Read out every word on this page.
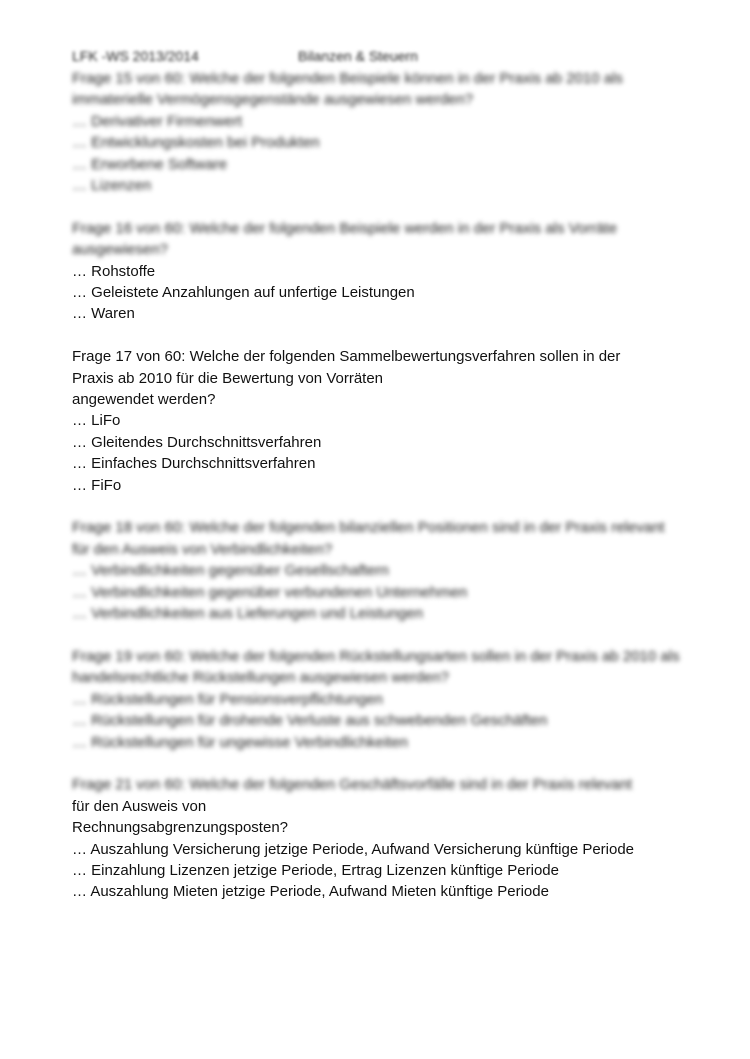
LFK -WS 2013/2014	Bilanzen & Steuern

Frage 15 von 60: Welche der folgenden Beispiele können in der Praxis ab 2010 als immaterielle Vermögensgegenstände ausgewiesen werden?

… Derivativer Firmenwert

… Entwicklungskosten bei Produkten

… Erworbene Software

… Lizenzen

Frage 16 von 60: Welche der folgenden Beispiele werden in der Praxis als Vorräte ausgewiesen?

… Rohstoffe

… Geleistete Anzahlungen auf unfertige Leistungen

… Waren

Frage 17 von 60: Welche der folgenden Sammelbewertungsverfahren sollen in der

Praxis ab 2010 für die Bewertung von Vorräten

angewendet werden?

… LiFo

… Gleitendes Durchschnittsverfahren

… Einfaches Durchschnittsverfahren

… FiFo

Frage 18 von 60: Welche der folgenden bilanziellen Positionen sind in der Praxis relevant für den Ausweis von Verbindlichkeiten?

… Verbindlichkeiten gegenüber Gesellschaftern

… Verbindlichkeiten gegenüber verbundenen Unternehmen

… Verbindlichkeiten aus Lieferungen und Leistungen

Frage 19 von 60: Welche der folgenden Rückstellungsarten sollen in der Praxis ab 2010 als handelsrechtliche Rückstellungen ausgewiesen werden?

… Rückstellungen für Pensionsverpflichtungen

… Rückstellungen für drohende Verluste aus schwebenden Geschäften

… Rückstellungen für ungewisse Verbindlichkeiten

Frage 21 von 60: Welche der folgenden Geschäftsvorfälle sind in der Praxis relevant

für den Ausweis von

Rechnungsabgrenzungsposten?

… Auszahlung Versicherung jetzige Periode, Aufwand Versicherung künftige Periode

… Einzahlung Lizenzen jetzige Periode, Ertrag Lizenzen künftige Periode

… Auszahlung Mieten jetzige Periode, Aufwand Mieten künftige Periode
